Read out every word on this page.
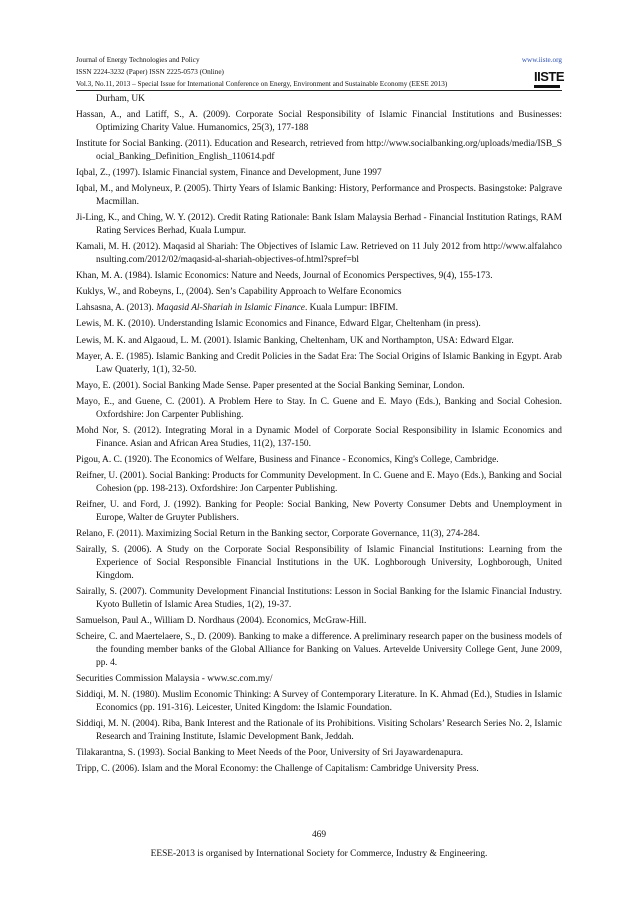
Journal of Energy Technologies and Policy	www.iiste.org
ISSN 2224-3232 (Paper) ISSN 2225-0573 (Online)
Vol.3, No.11, 2013 – Special Issue for International Conference on Energy, Environment and Sustainable Economy (EESE 2013)	IISTE
Durham, UK
Hassan, A., and Latiff, S., A. (2009). Corporate Social Responsibility of Islamic Financial Institutions and Businesses: Optimizing Charity Value. Humanomics, 25(3), 177-188
Institute for Social Banking. (2011). Education and Research, retrieved from http://www.socialbanking.org/uploads/media/ISB_Social_Banking_Definition_English_110614.pdf
Iqbal, Z., (1997). Islamic Financial system, Finance and Development, June 1997
Iqbal, M., and Molyneux, P. (2005). Thirty Years of Islamic Banking: History, Performance and Prospects. Basingstoke: Palgrave Macmillan.
Ji-Ling, K., and Ching, W. Y. (2012). Credit Rating Rationale: Bank Islam Malaysia Berhad - Financial Institution Ratings, RAM Rating Services Berhad, Kuala Lumpur.
Kamali, M. H. (2012). Maqasid al Shariah: The Objectives of Islamic Law. Retrieved on 11 July 2012 from http://www.alfalahconsulting.com/2012/02/maqasid-al-shariah-objectives-of.html?spref=bl
Khan, M. A. (1984). Islamic Economics: Nature and Needs, Journal of Economics Perspectives, 9(4), 155-173.
Kuklys, W., and Robeyns, I., (2004). Sen’s Capability Approach to Welfare Economics
Lahsasna, A. (2013). Maqasid Al-Shariah in Islamic Finance. Kuala Lumpur: IBFIM.
Lewis, M. K. (2010). Understanding Islamic Economics and Finance, Edward Elgar, Cheltenham (in press).
Lewis, M. K. and Algaoud, L. M. (2001). Islamic Banking, Cheltenham, UK and Northampton, USA: Edward Elgar.
Mayer, A. E. (1985). Islamic Banking and Credit Policies in the Sadat Era: The Social Origins of Islamic Banking in Egypt. Arab Law Quaterly, 1(1), 32-50.
Mayo, E. (2001). Social Banking Made Sense. Paper presented at the Social Banking Seminar, London.
Mayo, E., and Guene, C. (2001). A Problem Here to Stay. In C. Guene and E. Mayo (Eds.), Banking and Social Cohesion. Oxfordshire: Jon Carpenter Publishing.
Mohd Nor, S. (2012). Integrating Moral in a Dynamic Model of Corporate Social Responsibility in Islamic Economics and Finance. Asian and African Area Studies, 11(2), 137-150.
Pigou, A. C. (1920). The Economics of Welfare, Business and Finance - Economics, King's College, Cambridge.
Reifner, U. (2001). Social Banking: Products for Community Development. In C. Guene and E. Mayo (Eds.), Banking and Social Cohesion (pp. 198-213). Oxfordshire: Jon Carpenter Publishing.
Reifner, U. and Ford, J. (1992). Banking for People: Social Banking, New Poverty Consumer Debts and Unemployment in Europe, Walter de Gruyter Publishers.
Relano, F. (2011). Maximizing Social Return in the Banking sector, Corporate Governance, 11(3), 274-284.
Sairally, S. (2006). A Study on the Corporate Social Responsibility of Islamic Financial Institutions: Learning from the Experience of Social Responsible Financial Institutions in the UK. Loghborough University, Loghborough, United Kingdom.
Sairally, S. (2007). Community Development Financial Institutions: Lesson in Social Banking for the Islamic Financial Industry. Kyoto Bulletin of Islamic Area Studies, 1(2), 19-37.
Samuelson, Paul A., William D. Nordhaus (2004). Economics, McGraw-Hill.
Scheire, C. and Maertelaere, S., D. (2009). Banking to make a difference. A preliminary research paper on the business models of the founding member banks of the Global Alliance for Banking on Values. Artevelde University College Gent, June 2009, pp. 4.
Securities Commission Malaysia - www.sc.com.my/
Siddiqi, M. N. (1980). Muslim Economic Thinking: A Survey of Contemporary Literature. In K. Ahmad (Ed.), Studies in Islamic Economics (pp. 191-316). Leicester, United Kingdom: the Islamic Foundation.
Siddiqi, M. N. (2004). Riba, Bank Interest and the Rationale of its Prohibitions. Visiting Scholars’ Research Series No. 2, Islamic Research and Training Institute, Islamic Development Bank, Jeddah.
Tilakarantna, S. (1993). Social Banking to Meet Needs of the Poor, University of Sri Jayawardenapura.
Tripp, C. (2006). Islam and the Moral Economy: the Challenge of Capitalism: Cambridge University Press.
469
EESE-2013 is organised by International Society for Commerce, Industry & Engineering.
